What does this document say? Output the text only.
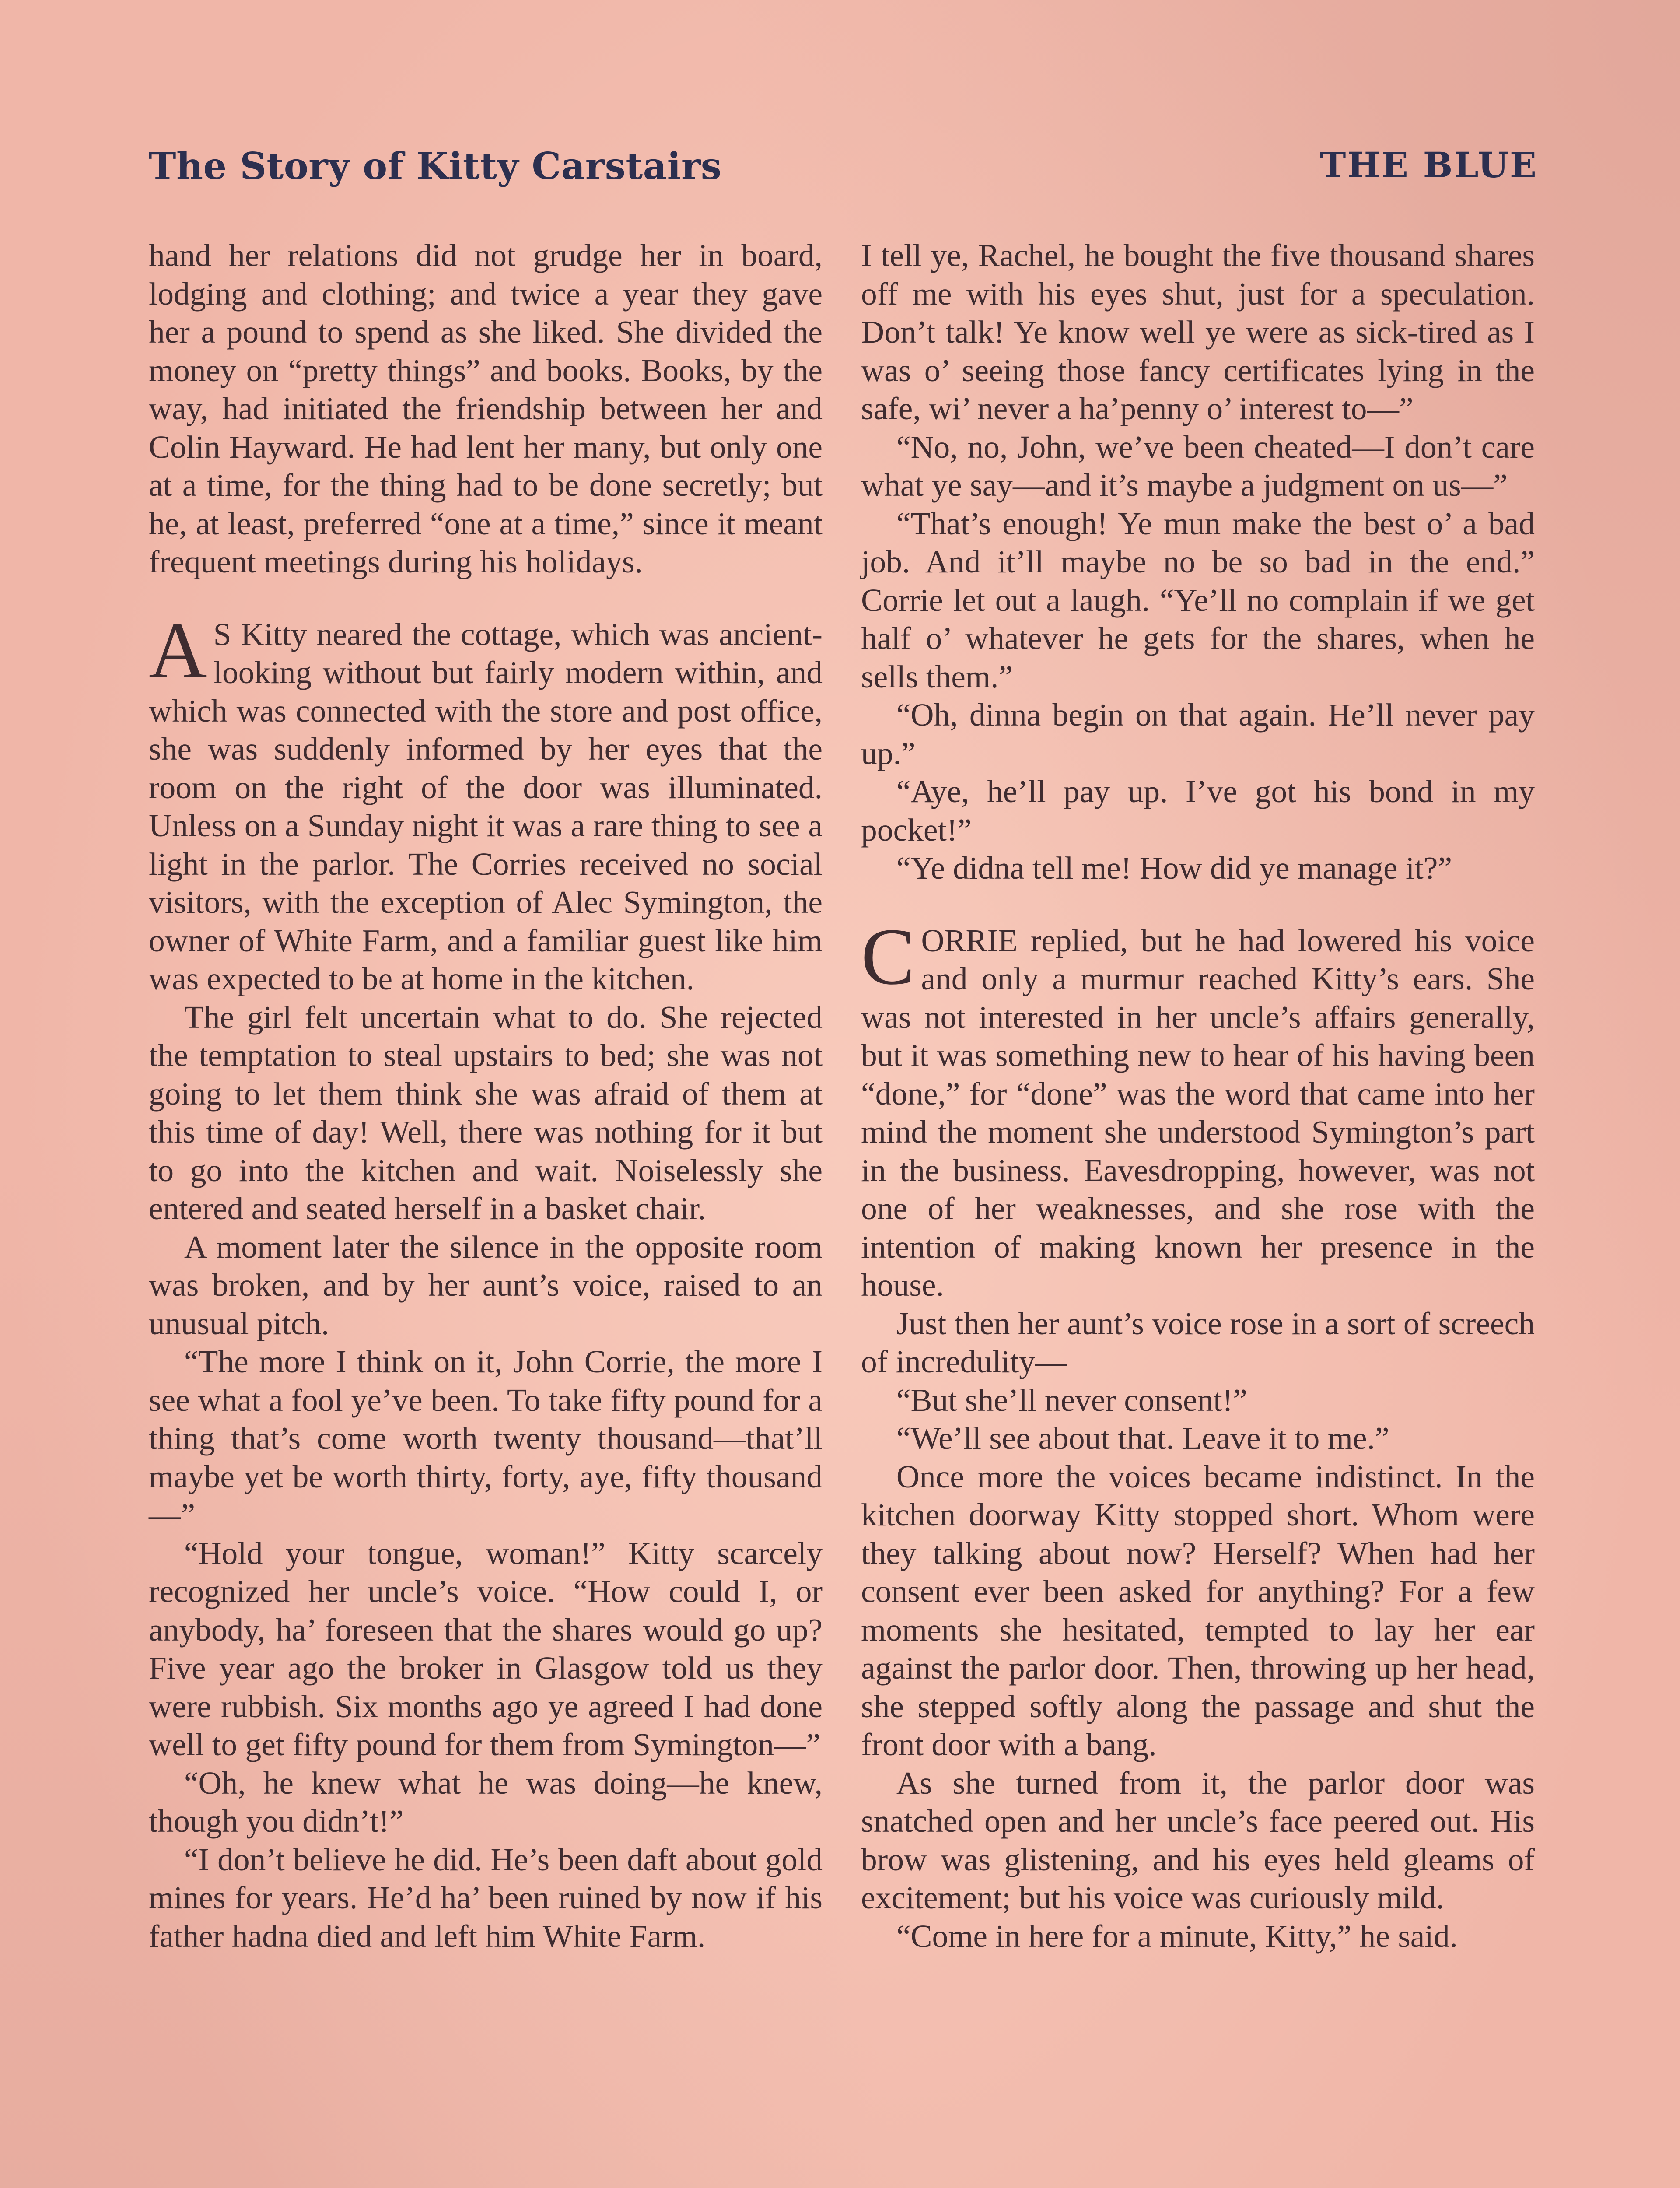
The Story of Kitty Carstairs	THE BLUE

hand her relations did not grudge her in board, lodging and clothing; and twice a year they gave her a pound to spend as she liked. She divided the money on “pretty things” and books. Books, by the way, had initiated the friendship between her and Colin Hayward. He had lent her many, but only one at a time, for the thing had to be done secretly; but he, at least, preferred “one at a time,” since it meant frequent meetings during his holidays.

A S Kitty neared the cottage, which was ancient-looking without but fairly modern within, and which was connected with the store and post office, she was suddenly informed by her eyes that the room on the right of the door was illuminated. Unless on a Sunday night it was a rare thing to see a light in the parlor. The Corries received no social visitors, with the exception of Alec Symington, the owner of White Farm, and a familiar guest like him was expected to be at home in the kitchen.

The girl felt uncertain what to do. She rejected the temptation to steal upstairs to bed; she was not going to let them think she was afraid of them at this time of day! Well, there was nothing for it but to go into the kitchen and wait. Noiselessly she entered and seated herself in a basket chair.

A moment later the silence in the opposite room was broken, and by her aunt’s voice, raised to an unusual pitch.

“The more I think on it, John Corrie, the more I see what a fool ye’ve been. To take fifty pound for a thing that’s come worth twenty thousand—that’ll maybe yet be worth thirty, forty, aye, fifty thousand—”

“Hold your tongue, woman!” Kitty scarcely recognized her uncle’s voice. “How could I, or anybody, ha’ foreseen that the shares would go up? Five year ago the broker in Glasgow told us they were rubbish. Six months ago ye agreed I had done well to get fifty pound for them from Symington—”

“Oh, he knew what he was doing—he knew, though you didn’t!”

“I don’t believe he did. He’s been daft about gold mines for years. He’d ha’ been ruined by now if his father hadna died and left him White Farm.

I tell ye, Rachel, he bought the five thousand shares off me with his eyes shut, just for a speculation. Don’t talk! Ye know well ye were as sick-tired as I was o’ seeing those fancy certificates lying in the safe, wi’ never a ha’penny o’ interest to—”

“No, no, John, we’ve been cheated—I don’t care what ye say—and it’s maybe a judgment on us—”

“That’s enough! Ye mun make the best o’ a bad job. And it’ll maybe no be so bad in the end.” Corrie let out a laugh. “Ye’ll no complain if we get half o’ whatever he gets for the shares, when he sells them.”

“Oh, dinna begin on that again. He’ll never pay up.”

“Aye, he’ll pay up. I’ve got his bond in my pocket!”

“Ye didna tell me! How did ye manage it?”

CORRIE replied, but he had lowered his voice and only a murmur reached Kitty’s ears. She was not interested in her uncle’s affairs generally, but it was something new to hear of his having been “done,” for “done” was the word that came into her mind the moment she understood Symington’s part in the business. Eavesdropping, however, was not one of her weaknesses, and she rose with the intention of making known her presence in the house.

Just then her aunt’s voice rose in a sort of screech of incredulity—

“But she’ll never consent!”

“We’ll see about that. Leave it to me.”

Once more the voices became indistinct. In the kitchen doorway Kitty stopped short. Whom were they talking about now? Herself? When had her consent ever been asked for anything? For a few moments she hesitated, tempted to lay her ear against the parlor door. Then, throwing up her head, she stepped softly along the passage and shut the front door with a bang.

As she turned from it, the parlor door was snatched open and her uncle’s face peered out. His brow was glistening, and his eyes held gleams of excitement; but his voice was curiously mild.

“Come in here for a minute, Kitty,” he said.
